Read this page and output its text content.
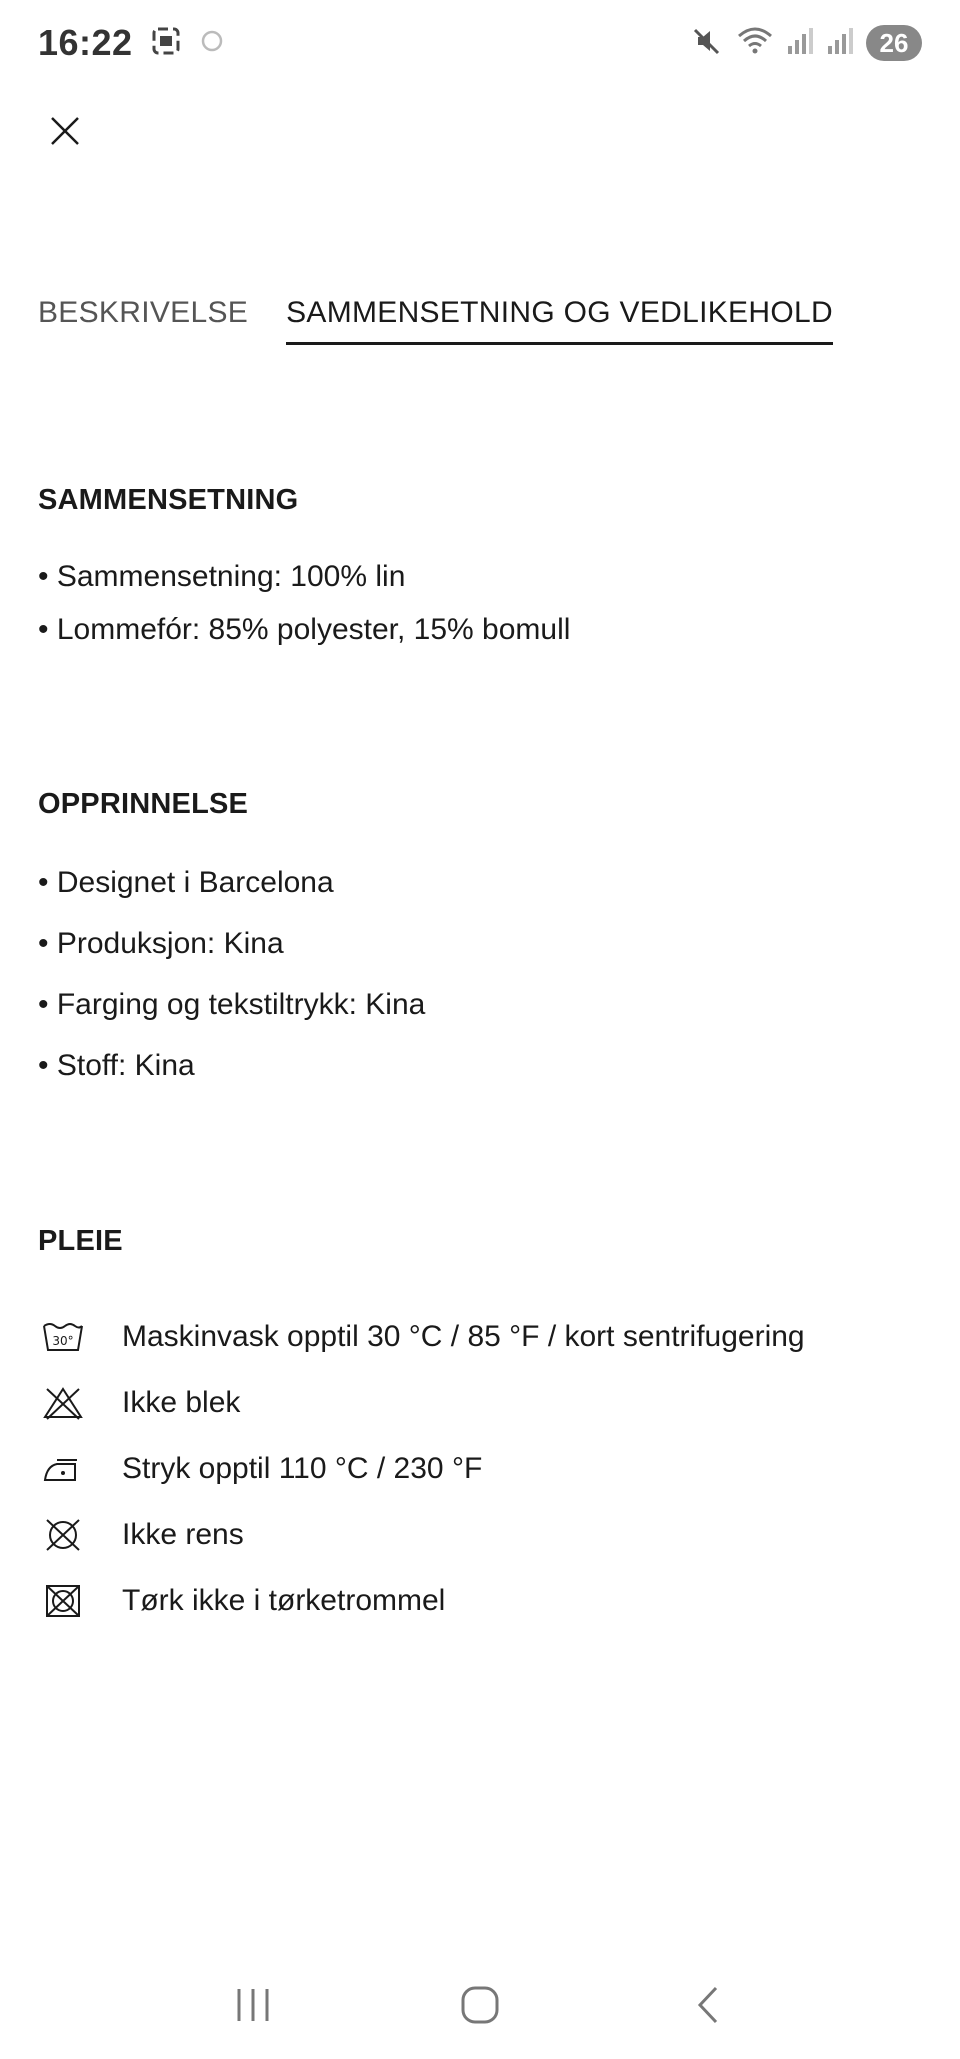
16:22	26
BESKRIVELSE SAMMENSETNING OG VEDLIKEHOLD
SAMMENSETNING
• Sammensetning: 100% lin
• Lommefór: 85% polyester, 15% bomull
OPPRINNELSE
• Designet i Barcelona
• Produksjon: Kina
• Farging og tekstiltrykk: Kina
• Stoff: Kina
PLEIE
30° Maskinvask opptil 30 °C / 85 °F / kort sentrifugering
Ikke blek
Stryk opptil 110 °C / 230 °F
Ikke rens
Tørk ikke i tørketrommel
